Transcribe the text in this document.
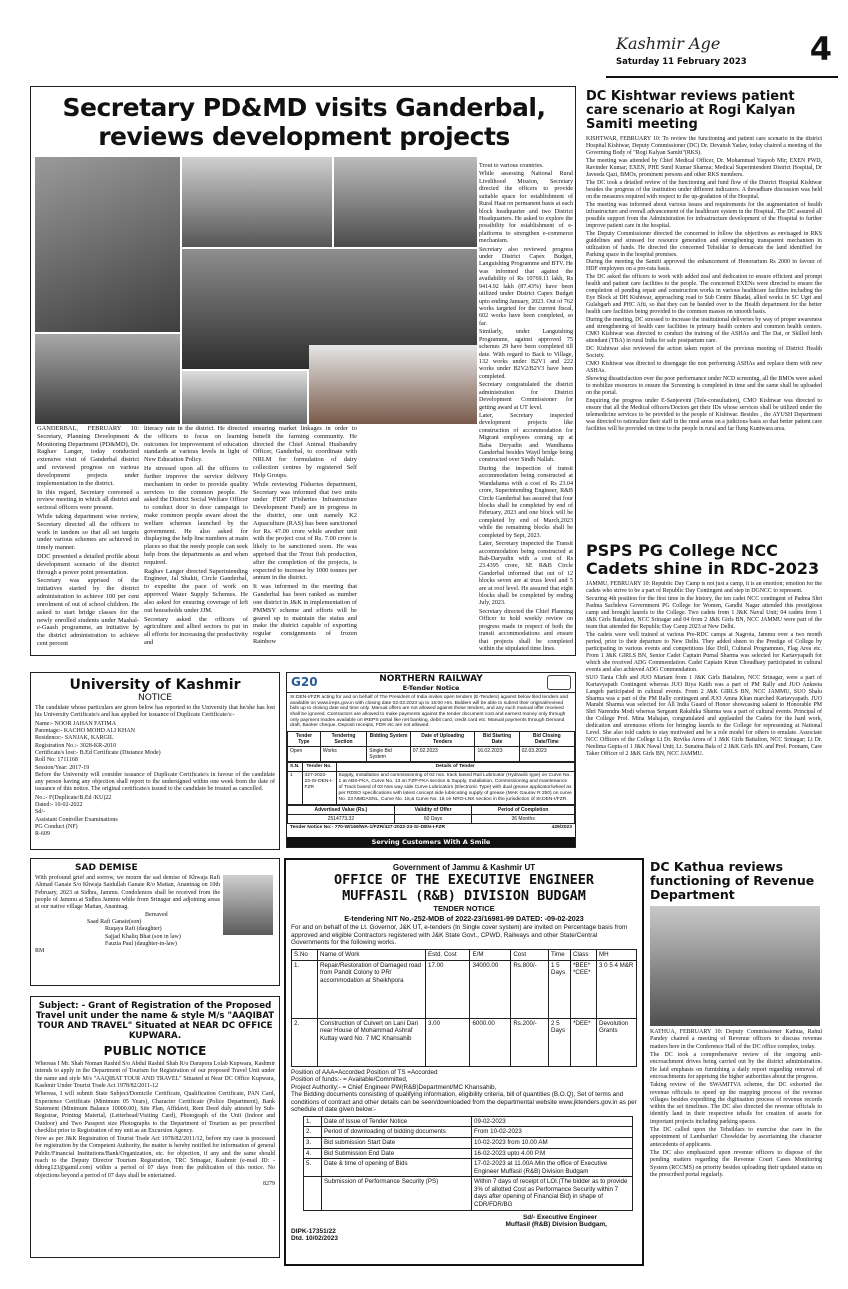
Kashmir Age
Saturday 11 February 2023 4
Secretary PD&MD visits Ganderbal, reviews development projects

GANDERBAL, FEBRUARY 10: Secretary, Planning Development & Monitoring Department (PD&MD), Dr. Raghav Langer, today conducted extensive visit of Ganderbal district and reviewed progress on various development projects under implementation in the district.

In this regard, Secretary convened a review meeting in which all district and sectoral officers were present.

While taking department wise review, Secretary directed all the officers to work in tandem so that all set targets under various schemes are achieved in timely manner.

DDC presented a detailed profile about development scenario of the district through a power point presentation.

Secretary was apprised of the initiatives started by the district administration to achieve 100 per cent enrolment of out of school children. He asked to start bridge classes for the newly enrolled students under Mashal-e-Gaash programme, an initiative by the district administration to achieve cent percent

literacy rate in the district. He directed the officers to focus on learning outcomes for improvement of education standards at various levels in light of New Education Policy.

He stressed upon all the officers to further improve the service delivery mechanism in order to provide quality services to the common people. He asked the District Social Welfare Officer to conduct door to door campaign to make common people aware about the welfare schemes launched by the government. He also asked for displaying the help line numbers at main places so that the needy people can seek help from the departments as and when required.

Raghav Langer directed Superintending Engineer, Jal Shakti, Circle Ganderbal, to expedite the pace of work on approved Water Supply Schemes. He also asked for ensuring coverage of left out households under JJM.

Secretary asked the officers of agriculture and allied sectors to put in all efforts for increasing the productivity and

ensuring market linkages in order to benefit the farming community. He directed the Chief Animal Husbandry Officer, Ganderbal, to coordinate with NRLM for formulation of dairy collection centres by registered Self Help Groups.

While reviewing Fisheries department, Secretary was informed that two units under FIDF (Fisheries Infrastructure Development Fund) are in progress in the district, one unit namely K2 Aquaculture (RAS) has been sanctioned for Rs. 47.00 crore while another unit with the project cost of Rs. 7.00 crore is likely to be sanctioned soon. He was apprised that the Trout fish production, after the completion of the projects, is expected to increase by 1000 tonnes per annum in the district.

It was informed in the meeting that Ganderbal has been ranked as number one district in J&K in implementation of PMMSY scheme and efforts will be geared up to maintain the status and make the district capable of exporting regular consignments of frozen Rainbow

Trout to various countries.

While assessing National Rural Livelihood Mission, Secretary directed the officers to provide suitable space for establishment of Rural Haat on permanent basis at each block headquarter and two District Headquarters. He asked to explore the possibility for establishment of e-platforms to strengthen e-commerce mechanism.

Secretary also reviewed progress under District Capex Budget, Languishing Programme and BTV. He was informed that against the availability of Rs 10769.11 lakh, Rs 9414.92 lakh (87.43%) have been utilized under District Capex Budget upto ending January, 2023. Out of 762 works targeted for the current fiscal, 602 works have been completed, so far.

Similarly, under Languishing Programme, against approved 75 schemes 29 have been completed till date. With regard to Back to Village, 132 works under B2V1 and 222 works under B2V2/B2V3 have been completed.

Secretary congratulated the district administration for District Development Commissioner for getting award at UT level.

Later, Secretary inspected development projects like construction of accommodation for Migrant employees coming up at Baba Deryadin and Wandhama Ganderbal besides Wayil bridge being constructed over Sindh Nallah.

During the inspection of transit accommodation being constructed at Wandahama with a cost of Rs 23.04 crore, Superintending Engineer, R&B Circle Ganderbal has assured that four blocks shall be completed by end of February, 2023 and one block will be completed by end of March,2023 while the remaining blocks shall be completed by Sept, 2023.

Later, Secretary inspected the Transit accommodation being constructed at Bab-Daryadin with a cost of Rs 23.4395 crore, SE R&B Circle Ganderbal informed that out of 12 blocks seven are at truss level and 5 are at roof level. He assured that eight blocks shall be completed by ending July, 2023.

Secretary directed the Chief Planning Officer to hold weekly review on progress made in respect of both the transit accommodations and ensure that projects shall be completed within the stipulated time lines.

DC Kishtwar reviews patient care scenario at Rogi Kalyan Samiti meeting

KISHTWAR, FEBRUARY 10: To review the functioning and patient care scenario in the district Hospital Kishtwar, Deputy Commissioner (DC) Dr. Devansh Yadav, today chaired a meeting of the Governing Body of "Rogi Kalyan Samiti"(RKS).

The meeting was attended by Chief Medical Officer, Dr. Mohammad Yaqoob Mir; EXEN PWD, Ravinder Kumar; EXEN, PHE Sunil Kumar Sharma; Medical Superintendent District Hospital, Dr Javeeda Qazi, BMOs, prominent persons and other RKS members.

The DC took a detailed review of the functioning and fund flow of the District Hospital Kishtwar besides the progress of the institution under different indicators. A threadbare discussion was held on the measures required with respect to the up-gradation of the Hospital.

The meeting was informed about various issues and requirements for the augmentation of health infrastructure and overall advancement of the healthcare system in the Hospital. The DC assured all possible support from the Administration for infrastructure development of the Hospital to further improve patient care in the hospital.

The Deputy Commissioner directed the concerned to follow the objectives as envisaged in RKS guidelines and stressed for resource generation and strengthening transparent mechanism in utilization of funds. He directed the concerned Tehsildar to demarcate the land identified for Parking space in the hospital premises.

During the meeting the Samiti approved the enhancement of Honorarium Rs 2000 in favour of HDF employees on a pro-rata basis.

The DC asked the officers to work with added zeal and dedication to ensure efficient and prompt health and patient care facilities to the people. The concerned EXENs were directed to ensure the completion of pending repair and construction works in various healthcare facilities including the Eye Block at DH Kishtwar, approaching road to Sub Centre Bhadat, allied works in SC Ugri and Gulabgarh and PHC Afti, so that they can be handed over to the Health department for the better health care facilities being provided to the common masses on smooth basis.

During the meeting, DC stressed to increase the institutional deliveries by way of proper awareness and strengthening of health care facilities in primary health centers and common health centers. CMO Kishtwar was directed to conduct the training of the ASHAs and The Dai, or Skilled birth attendant (TBA) in rural India for safe postpartum care.

DC Kishtwar also reviewed the action taken report of the previous meeting of District Health Society.

CMO Kishtwar was directed to disengage the non performing ASHAs and replace them with new ASHAs.

Showing dissatisfaction over the poor performance under NCD screening, all the BMOs were asked to mobilize resources to ensure the Screening is completed in time and the same shall be uploaded on the portal.

Enquiring the progress under E-Sanjeevini (Tele-consultation), CMO Kishtwar was directed to ensure that all the Medical officers/Doctors get their IDs whose services shall be utilized under the telemedicine services to be provided to the people of Kishtwar. Besides , the AYUSH Department was directed to rationalize their staff in the rural areas on a judicious basis so that better patient care facilities will be provided on time to the people in rural and far flung Kuntwara area.

PSPS PG College NCC Cadets shine in RDC-2023

JAMMU, FEBRUARY 10: Republic Day Camp is not just a camp, it is an emotion; emotion for the cadets who strive to be a part of Republic Day Contingent and step in DGNCC to represent.

Securing 4th position for the first time in the history, the ten cadet NCC contingent of Padma Shri Padma Sachdeva Government PG College for Women, Gandhi Nagar attended this prestigious camp and brought laurels to the College. Two cadets from 1 J&K Naval Unit; 04 cadets from 1 J&K Girls Battalion, NCC Srinagar and 04 from 2 J&K Girls BN, NCC JAMMU were part of the team that attended the Republic Day Camp 2023 at New Delhi.

The cadets were well trained at various Pre-RDC camps at Nagrota, Jammu over a two month period, prior to their departure to New Delhi. They added sheen to the Prestige of College by participating in various events and competitions like Drill, Cultural Programmes, Flag Area etc. From 1 J&K GIRLS BN, Senior Cadet Captain Purnal Sharma was selected for Kartavyapath for which she received ADG Commendation. Cadet Captain Kiran Choudhary participated in cultural events and also achieved ADG Commendation.

SUO Tania Chib and JUO Mariam from 1 J&K Girls Battalion, NCC Srinagar, were a part of Kartavyapath Contingent whereas JUO Riya Kaith was a part of PM Rally and JUO Ankeeta Langeh participated in cultural events. From 2 J&K GIRLS BN, NCC JAMMU, SUO Shalu Sharma was a part of the PM Rally contingent and JUO Amna Khan marched Kartavyapath. JUO Manshi Sharma was selected for All India Guard of Honor showcasing salami to Honorable PM Shri Narendra Modi whereas Sergeant Rakshika Sharma was a part of cultural events. Principal of the College Prof. Mina Mahajan, congratulated and applauded the Cadets for the hard work, dedication and strenuous efforts for bringing laurels to the College for representing at National Level. She also told cadets to stay motivated and be a role model for others to emulate. Associate NCC Officers of the College Lt Dr. Revika Arora of 1 J&K Girls Battalion, NCC Srinagar; Lt Dr. Neelima Gupta of 1 J&K Naval Unit; Lt. Sunaina Bala of 2 J&K Girls BN. and Prof. Poonam, Care Taker Officer of 2 J&K Girls BN, NCC JAMMU.

University of Kashmir
NOTICE

The candidate whose particulars are given below has reported to the University that he/she has lost his University Certificate/s and has applied for issuance of Duplicate Certificate/s:-

Name:- NOOR JAHAN FATIMA
Parentage:- KACHO MOHD ALI KHAN
Residence:- SANJAK, KARGIL
Registration No.:- 3028-KR-2010
Certificate/s lost:- B.Ed Certificate (Distance Mode)
Roll No: 1711168
Session/Year: 2017-19

Before the University will consider issuance of Duplicate Certificate/s in favour of the candidate any person having any objection shall report to the undersigned within one week from the date of issuance of this notice. The original certificate/s issued to the candidate be treated as cancelled.

No.:- F(Duplicate/B.Ed /KU)22
Dated:- 10-02-2022
Sd/-
Assistant Controller Examinations
PG Conduct (NF)
R-609
G20	NORTHERN RAILWAY
E-Tender Notice
Sr.DEN-I/FZR acting for and on behalf of The President of India invites open tenders (E-Tenders) against below tiled tenders and available on www.ireps.gov.in with closing date 02.03.2023 up to 15:00 Hrs. Bidders will be able to submit their original/revised bids up to closing date and time only. Manual offers are not allowed against these tenders, and any such manual offer received shall be ignored. Contractors are allowed to make payments against the tender document cost and earnest money only through only payment modes available on IREPS portal like net banking, debit card, credit card etc. Manual payments through Demand draft, Banker cheque, Deposit receipts, FDR etc are not allowed.
Tender Type	Tendering Section	Bidding System	Date of Uploading Tenders	Bid Starting Date	Bid Closing Date/Time
Open	Works	Single Bid System	07.02.2023	16.02.2023	02.03.2023
S.N.	Tender No.	Details of Tender
1	427-2022-23-Sr-DEN-I-FZR	Supply, Installation and commissioning of 02 nos. track based Rail Lubricator (Hydraulic type) on Curve No. 1 at ABS-FKA, Curve No. 13 on FZP-FKA section & Supply, Installation, Commissioning and maintenance of Track based of 03 Nos way side Curve Lubricators (Electronic Type) with dual grease applicator/wheel as per RDSO specifications with latest concept side lubricating supply of grease (MAK Gaurav R 250) on curve No. 23 NMDASNL, Curve No. 18,& Curve No. 16 on NRO-LNK section in the jurisdiction of Sr.DEN-I/FZR.
Advertised Value (Rs.)	Validity of Offer	Period of Completion
2514773.32	60 Days	36 Months
Tender Notice No:- 770-W/169/WA-1/FZR/427-2022-23-Sr-DEN-I-FZR	429/2023
Serving Customers With A Smile
SAD DEMISE
With profound grief and sorrow, we mourn the sad demise of Khwaja Rafi Ahmad Ganaie S/o Khwaja Saidullah Ganaie R/o Mattan, Anantnag on 10th February, 2023 at Sidhra, Jammu. Condolences shall be received from the people of Jammu at Sidhra Jammu while from Srinagar and adjoining areas at our native village Mattan, Anantnag.
Bereaved
Saad Rafi Ganaie(son)
Ruqaya Rafi (daughter)
Sajjad Khaliq Bhat (son in law)
Fauzia Paul (daughter-in-law)
RM
Subject: - Grant of Registration of the Proposed Travel unit under the name & style M/s "AAQIBAT TOUR AND TRAVEL" Situated at NEAR DC OFFICE KUPWARA.
PUBLIC NOTICE

Whereas I Mr. Shah Noman Rashid S/o Abdul Rashid Shah R/o Darapora Lolab Kupwara, Kashmir intends to apply in the Department of Tourism for Registration of our proposed Travel Unit under the name and style M/s "AAQIBAT TOUR AND TRAVEL" Situated at Near DC Office Kupwara, Kashmir Under Tourist Trade Act 1978/82/2011-12

Whereas, I will submit State Subject/Domicile Certificate, Qualification Certificate, PAN Card, Experience Certificate (Minimum 05 Years), Character Certificate (Police Department), Bank Statement (Minimum Balance 10000.00), Site Plan, Affidavit, Rent Deed duly attested by Sub- Registrar, Printing Material, (Letterhead/Visiting Card), Photograph of the Unit (Indoor and Outdoor) and Two Passport size Photographs to the Department of Tourism as per prescribed checklist prior to Registration of my unit as an Excursion Agency.

Now as per J&K Registration of Tourist Trade Act 1978/82/2011/12, before my case is processed for registration by the Competent Authority, the matter is hereby notified for information of general Public/Financial Institutions/Bank/Organization, etc. for objection, if any and the same should reach to the Deputy Director Tourism Registration, TRC Srinagar, Kashmir (e-mail ID: - ddtreg123@gamil.com) within a period of 07 days from the publication of this notice. No objections beyond a period of 07 days shall be entertained.

8279
Government of Jammu & Kashmir UT
OFFICE OF THE EXECUTIVE ENGINEER
MUFFASIL (R&B) DIVISION BUDGAM
TENDER NOTICE
E-tendering NIT No.-252-MDB of 2022-23/16981-99 DATED: -09-02-2023
For and on behalf of the Lt. Governor, J&K UT, e-tenders (In Single cover system) are invited on Percentage basis from approved and eligible Contractors registered with J&K State Govt., CPWD, Railways and other State/Central Governments for the following works.
S.No	Name of Work	Estd. Cost	E/M	Cost	Time	Class	MH
1.	Repair/Restoration of Damaged road from Pandit Colony to PR/ accommodation at Sheikhpora	17.00	34000.00	Rs.800/-	1 5 Days	*BEE* *CEE*	3 0 5 4 M&R
2.	Construction of Culvert on Lani Dari near House of Mohammad Ashraf Kuttay ward No. 7 MC Khansahib	3.00	6000.00	Rs.200/-	2 5 Days	*DEE*	Devolution Grants
Position of AAA=Accorded Position of TS =Accorded
Position of funds:- = Available/Committed,
Project Authority:- = Chief Engineer PW(R&B)Department/MC Khansahib,
The Bidding documents consisting of qualifying information, eligibility criteria, bill of quantities (B.O.Q), Set of terms and conditions of contract and other details can be seen/downloaded from the departmental website www.jktenders.gov.in as per schedule of date given below:-
1.	Date of Issue of Tender Notice	09-02-2023
2.	Period of downloading of bidding documents	From 10-02-2023
3.	Bid submission Start Date	10-02-2023 from 10.00 AM
4.	Bid Submission End Date	16-02-2023 upto 4.00 P.M
5.	Date & time of opening of Bids	17-02-2023 at 11.00A.Min the office of Executive Engineer Muffasil (R&B) Division Budgam
	Submission of Performance Security (PS)	Within 7 days of receipt of LOI.(The bidder as to provide 3% of allotted Cost as Performance Security within 7 days after opening of Financial Bid) in shape of CDR/FDR/BG
Sd/- Executive Engineer
Muffasil (R&B) Division Budgam,
DIPK-17351/22
Dtd. 10/02/2023
DC Kathua reviews functioning of Revenue Department

KATHUA, FEBRUARY 10: Deputy Commissioner Kathua, Rahul Pandey chaired a meeting of Revenue officers to discuss revenue matters here in the Conference Hall of the DC office complex, today.

The DC took a comprehensive review of the ongoing anti-encroachment drives being carried out by the district administration. He laid emphasis on furnishing a daily report regarding removal of encroachments for apprising the higher authorities about the progress.

Taking review of the SWAMITVA scheme, the DC exhorted the revenue officials to speed up the mapping process of the revenue villages besides expediting the digitisation process of revenue records within the set timelines. The DC also directed the revenue officials to identify land in their respective tehsils for creation of assets for important projects including parking spaces.

The DC called upon the Tehsildars to exercise due care in the appointment of Lambardar/ Chowkidar by ascertaining the character antecedents of applicants.

The DC also emphasized upon revenue officers to dispose of the pending matters regarding the Revenue Court Cases Monitoring System (RCCMS) on priority besides uploading their updated status on the prescribed portal regularly.
